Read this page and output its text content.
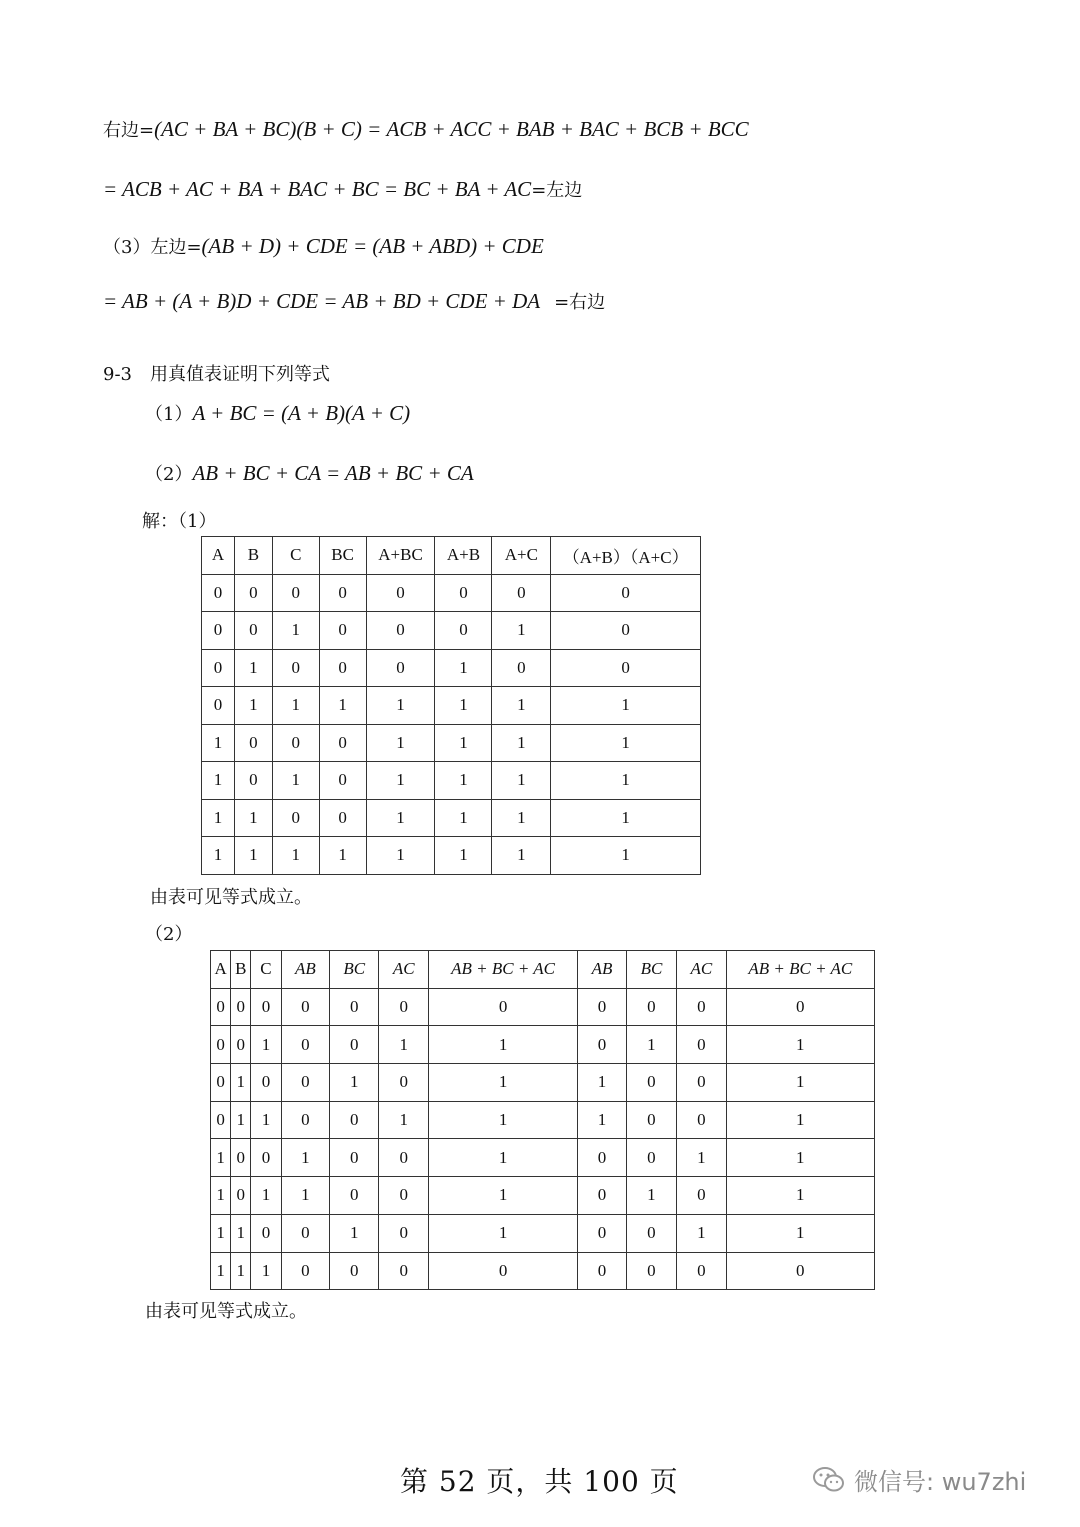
右边=(AC + BA + BC)(B + C) = ACB + ACC + BAB + BAC + BCB + BCC
= ACB + AC + BA + BAC + BC = BC + BA + AC=左边
（3）左边=(AB + D) + CDE = (AB + ABD) + CDE
= AB + (A + B)D + CDE = AB + BD + CDE + DA =右边
9-3　用真值表证明下列等式
（1）A + BC = (A + B)(A + C)
（2）AB + BC + CA = AB + BC + CA
解：（1）
A	B	C	BC	A+BC	A+B	A+C	（A+B）（A+C）
0	0	0	0	0	0	0	0
0	0	1	0	0	0	1	0
0	1	0	0	0	1	0	0
0	1	1	1	1	1	1	1
1	0	0	0	1	1	1	1
1	0	1	0	1	1	1	1
1	1	0	0	1	1	1	1
1	1	1	1	1	1	1	1
由表可见等式成立。
（2）
A	B	C	AB	BC	AC	AB + BC + AC	AB	BC	AC	AB + BC + AC
0	0	0	0	0	0	0	0	0	0	0
0	0	1	0	0	1	1	0	1	0	1
0	1	0	0	1	0	1	1	0	0	1
0	1	1	0	0	1	1	1	0	0	1
1	0	0	1	0	0	1	0	0	1	1
1	0	1	1	0	0	1	0	1	0	1
1	1	0	0	1	0	1	0	0	1	1
1	1	1	0	0	0	0	0	0	0	0
由表可见等式成立。
第 52 页，共 100 页	微信号: wu7zhi
